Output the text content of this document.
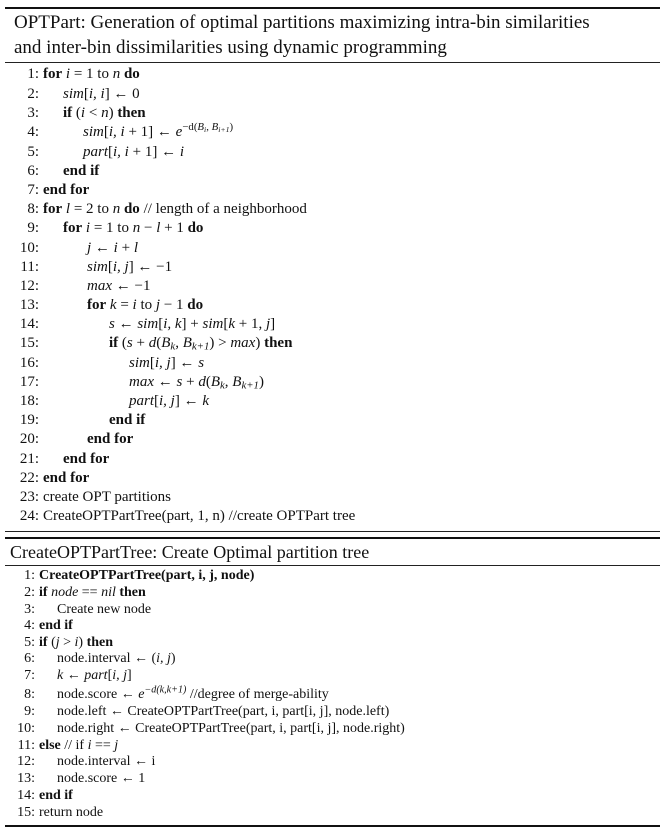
OPTPart: Generation of optimal partitions maximizing intra-bin similarities
and inter-bin dissimilarities using dynamic programming
1: for i = 1 to n do
2: sim[i, i] ← 0
3: if (i < n) then
4:	sim[i, i + 1] ← $e^{-d(B_i, B_{i+1})}$
5:	part[i, i + 1] ← i
6: end if
7: end for
8: for l = 2 to n do // length of a neighborhood
9: for i = 1 to n − l + 1 do
10:	j ← i + l
11:	sim[i, j] ← −1
12:	max ← −1
13:	for k = i to j − 1 do
14:	s ← sim[i, k] + sim[k + 1, j]
15:	if ($s + d(B_k$, $B_{k+1}) > \max$) then
16:	sim[i, j] ← s
17:	max ← $s + d(B_k$, $B_{k+1}$)
18:	part[i, j] ← k
19:	end if
20:	end for
21: end for
22: end for
23: create OPT partitions
24: CreateOPTPartTree(part, 1, n) //create OPTPart tree
CreateOPTPartTree: Create Optimal partition tree
1: CreateOPTPartTree(part, i, j, node)
2: if node == nil then
3: Create new node
4: end if
5: if (j > i) then
6: node.interval ← (i, j)
7: k ← part[i, j]
8: node.score ← $e^{-d(k,k+1)}$ //degree of merge-ability
9: node.left ← CreateOPTPartTree(part, i, part[i, j], node.left)
10: node.right ← CreateOPTPartTree(part, i, part[i, j], node.right)
11: else // if i == j
12: node.interval ← i
13: node.score ← 1
14: end if
15: return node
